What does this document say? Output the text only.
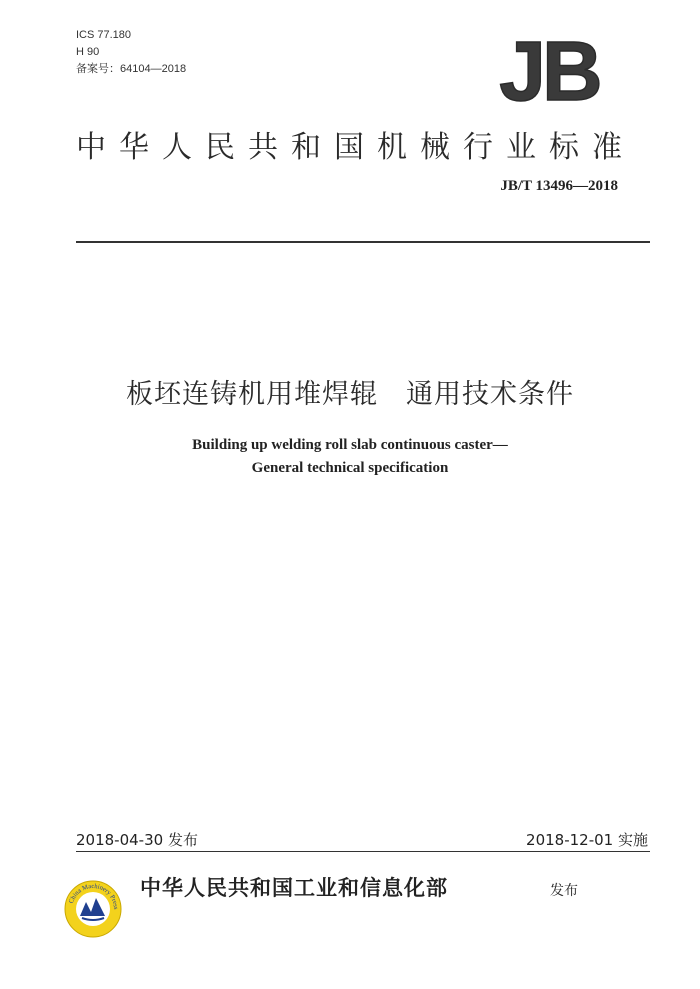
ICS 77.180
H 90
备案号：64104—2018	JB
中华人民共和国机械行业标准
JB/T 13496—2018
板坯连铸机用堆焊辊　通用技术条件
Building up welding roll slab continuous caster—
General technical specification
2018-04-30 发布	2018-12-01 实施
China Machinery Press
中华人民共和国工业和信息化部	发布
